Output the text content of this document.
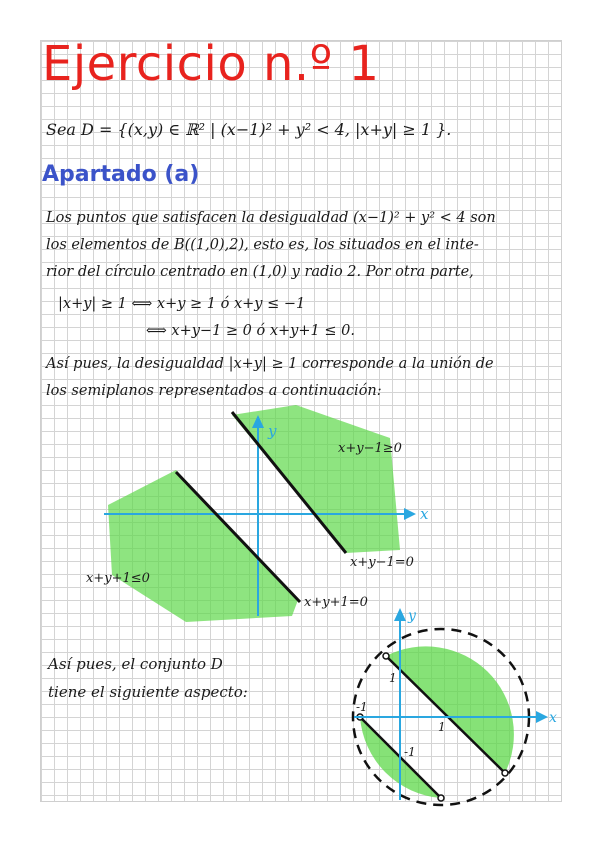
Ejercicio n.º 1
Sea D = {(x,y) ∈ ℝ² | (x−1)² + y² < 4, |x+y| ≥ 1 }.
Apartado (a)
Los puntos que satisfacen la desigualdad (x−1)² + y² < 4 son
los elementos de B((1,0),2), esto es, los situados en el inte-
rior del círculo centrado en (1,0) y radio 2. Por otra parte,
|x+y| ≥ 1 ⟺ x+y ≥ 1 ó x+y ≤ −1
⟺ x+y−1 ≥ 0 ó x+y+1 ≤ 0.
Así pues, la desigualdad |x+y| ≥ 1 corresponde a la unión de
los semiplanos representados a continuación:
y
x
x+y−1≥0
x+y−1=0
x+y+1≤0
x+y+1=0
Así pues, el conjunto D
tiene el siguiente aspecto:
y
x
1
1
-1
-1
